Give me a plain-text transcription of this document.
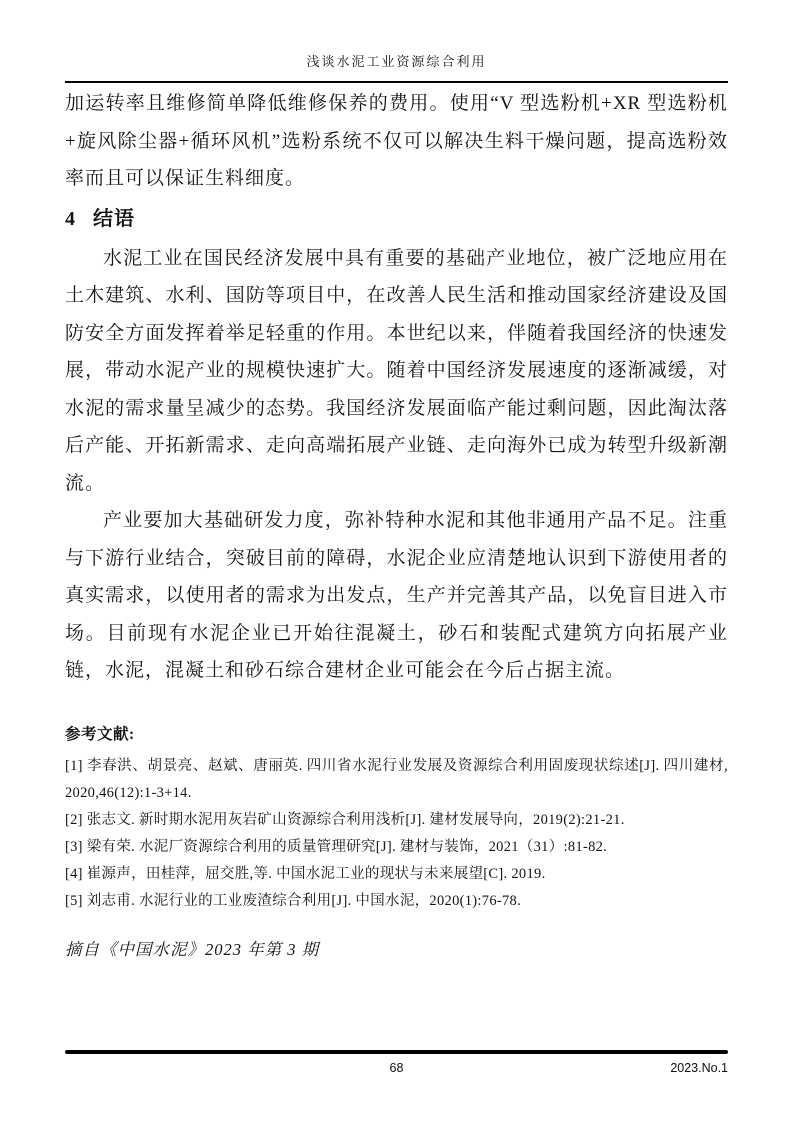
浅谈水泥工业资源综合利用

加运转率且维修简单降低维修保养的费用。使用“V 型选粉机+XR 型选粉机+旋风除尘器+循环风机”选粉系统不仅可以解决生料干燥问题，提高选粉效率而且可以保证生料细度。

4 结语

水泥工业在国民经济发展中具有重要的基础产业地位，被广泛地应用在土木建筑、水利、国防等项目中，在改善人民生活和推动国家经济建设及国防安全方面发挥着举足轻重的作用。本世纪以来，伴随着我国经济的快速发展，带动水泥产业的规模快速扩大。随着中国经济发展速度的逐渐减缓，对水泥的需求量呈减少的态势。我国经济发展面临产能过剩问题，因此淘汰落后产能、开拓新需求、走向高端拓展产业链、走向海外已成为转型升级新潮流。

产业要加大基础研发力度，弥补特种水泥和其他非通用产品不足。注重与下游行业结合，突破目前的障碍，水泥企业应清楚地认识到下游使用者的真实需求，以使用者的需求为出发点，生产并完善其产品，以免盲目进入市场。目前现有水泥企业已开始往混凝土，砂石和装配式建筑方向拓展产业链，水泥，混凝土和砂石综合建材企业可能会在今后占据主流。

参考文献:

[1] 李春洪、胡景亮、赵斌、唐丽英. 四川省水泥行业发展及资源综合利用固废现状综述[J]. 四川建材, 2020,46(12):1-3+14.

[2] 张志文. 新时期水泥用灰岩矿山资源综合利用浅析[J]. 建材发展导向，2019(2):21-21.

[3] 梁有荣. 水泥厂资源综合利用的质量管理研究[J]. 建材与装饰，2021（31）:81-82.

[4] 崔源声，田桂萍，屈交胜,等. 中国水泥工业的现状与未来展望[C]. 2019.

[5] 刘志甫. 水泥行业的工业废渣综合利用[J]. 中国水泥，2020(1):76-78.

摘自《中国水泥》2023 年第 3 期
68	2023.No.1
